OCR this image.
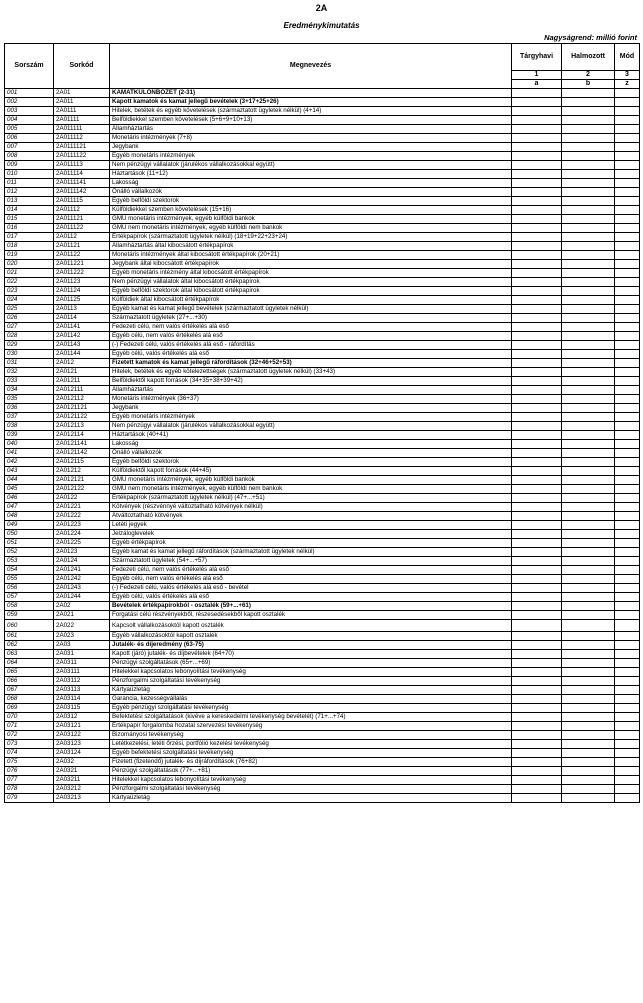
2A
Eredménykimutatás
Nagyságrend: millió forint
Sorszám	Sorkód	Megnevezés	Tárgyhavi	Halmozott	Mód
			1	2	3
			a	b	z
001	2A01	KAMATKÜLÖNBÖZET (2-31)			
002	2A011	Kapott kamatok és kamat jellegű bevételek (3+17+25+26)			
003	2A0111	Hitelek, betétek és egyéb követelések (származtatott ügyletek nélkül) (4+14)			
004	2A01111	Belföldiekkel szemben követelések (5+6+9+10+13)			
005	2A011111	Államháztartás			
006	2A011112	Monetáris intézmények (7+8)			
007	2A0111121	Jegybank			
008	2A0111122	Egyéb monetáris intézmények			
009	2A011113	Nem pénzügyi vállalatok (járulékos vállalkozásokkal együtt)			
010	2A011114	Háztartások (11+12)			
011	2A0111141	Lakosság			
012	2A0111142	Önálló vállalkozók			
013	2A011115	Egyéb belföldi szektorok			
014	2A01112	Külföldiekkel szemben követelések (15+16)			
015	2A011121	GMU monetáris intézmények, egyéb külföldi bankok			
016	2A011122	GMU nem monetáris intézmények, egyéb külföldi nem bankok			
017	2A0112	Értékpapírok (származtatott ügyletek nélkül) (18+19+22+23+24)			
018	2A01121	Államháztartás által kibocsátott értékpapírok			
019	2A01122	Monetáris intézmények által kibocsátott értékpapírok (20+21)			
020	2A011221	Jegybank által kibocsátott értékpapírok			
021	2A011222	Egyéb monetáris intézmény által kibocsátott értékpapírok			
022	2A01123	Nem pénzügyi vállalatok által kibocsátott értékpapírok			
023	2A01124	Egyéb belföldi szektorok által kibocsátott értékpapírok			
024	2A01125	Külföldiek által kibocsátott értékpapírok			
025	2A0113	Egyéb kamat és kamat jellegű bevételek (származtatott ügyletek nélkül)			
026	2A0114	Származtatott ügyletek (27+...+30)			
027	2A01141	Fedezeti célú, nem valós értékelés alá eső			
028	2A01142	Egyéb célú, nem valós értékelés alá eső			
029	2A01143	(-) Fedezeti célú, valós értékelés alá eső - ráfordítás			
030	2A01144	Egyéb célú, valós értékelés alá eső			
031	2A012	Fizetett kamatok és kamat jellegű ráfordítások (32+46+52+53)			
032	2A0121	Hitelek, betétek és egyéb kötelezettségek (származtatott ügyletek nélkül) (33+43)			
033	2A01211	Belföldiektől kapott források (34+35+38+39+42)			
034	2A012111	Államháztartás			
035	2A012112	Monetáris intézmények (36+37)			
036	2A0121121	Jegybank			
037	2A0121122	Egyéb monetáris intézmények			
038	2A012113	Nem pénzügyi vállalatok (járulékos vállalkozásokkal együtt)			
039	2A012114	Háztartások (40+41)			
040	2A0121141	Lakosság			
041	2A0121142	Önálló vállalkozók			
042	2A012115	Egyéb belföldi szektorok			
043	2A01212	Külföldiektől kapott források (44+45)			
044	2A012121	GMU monetáris intézmények, egyéb külföldi bankok			
045	2A012122	GMU nem monetáris intézmények, egyéb külföldi nem bankok			
046	2A0122	Értékpapírok (származtatott ügyletek nélkül) (47+...+51)			
047	2A01221	Kötvények (részvénnyé változtatható kötvények nélkül)			
048	2A01222	Átváltoztatható kötvények			
049	2A01223	Letéti jegyek			
050	2A01224	Jelzáloglevelek			
051	2A01225	Egyéb értékpapírok			
052	2A0123	Egyéb kamat és kamat jellegű ráfordítások (származtatott ügyletek nélkül)			
053	2A0124	Származtatott ügyletek (54+...+57)			
054	2A01241	Fedezeti célú, nem valós értékelés alá eső			
055	2A01242	Egyéb célú, nem valós értékelés alá eső			
056	2A01243	(-) Fedezeti célú, valós értékelés alá eső - bevétel			
057	2A01244	Egyéb célú, valós értékelés alá eső			
058	2A02	Bevételek értékpapírokból - osztalék (59+...+61)			
059	2A021	Forgatási célú részvényekből, részesedésekből kapott osztalék			
060	2A022	Kapcsolt vállalkozásoktól kapott osztalék			
061	2A023	Egyéb vállalkozásoktól kapott osztalék			
062	2A03	Jutalék- és díjeredmény (63-75)			
063	2A031	Kapott (járó) jutalék- és díjbevételek (64+70)			
064	2A0311	Pénzügyi szolgáltatások (65+...+69)			
065	2A03111	Hitelekkel kapcsolatos lebonyolítási tevékenység			
066	2A03112	Pénzforgalmi szolgáltatási tevékenység			
067	2A03113	Kártyaüzletág			
068	2A03114	Garancia, kezességvállalás			
069	2A03115	Egyéb pénzügyi szolgáltatási tevékenység			
070	2A0312	Befektetési szolgáltatások (kivéve a kereskedelmi tevékenység bevételét) (71+...+74)			
071	2A03121	Értékpapír forgalomba hozatal szervezési tevékenység			
072	2A03122	Bizományosi tevékenység			
073	2A03123	Letétkezelési, letéti őrzési, portfólió kezelési tevékenység			
074	2A03124	Egyéb befektetési szolgáltatási tevékenység			
075	2A032	Fizetett (fizetendő) jutalék- és díjráfordítások (76+82)			
076	2A0321	Pénzügyi szolgáltatások (77+...+81)			
077	2A03211	Hitelekkel kapcsolatos lebonyolítási tevékenység			
078	2A03212	Pénzforgalmi szolgáltatási tevékenység			
079	2A03213	Kártyaüzletág			
